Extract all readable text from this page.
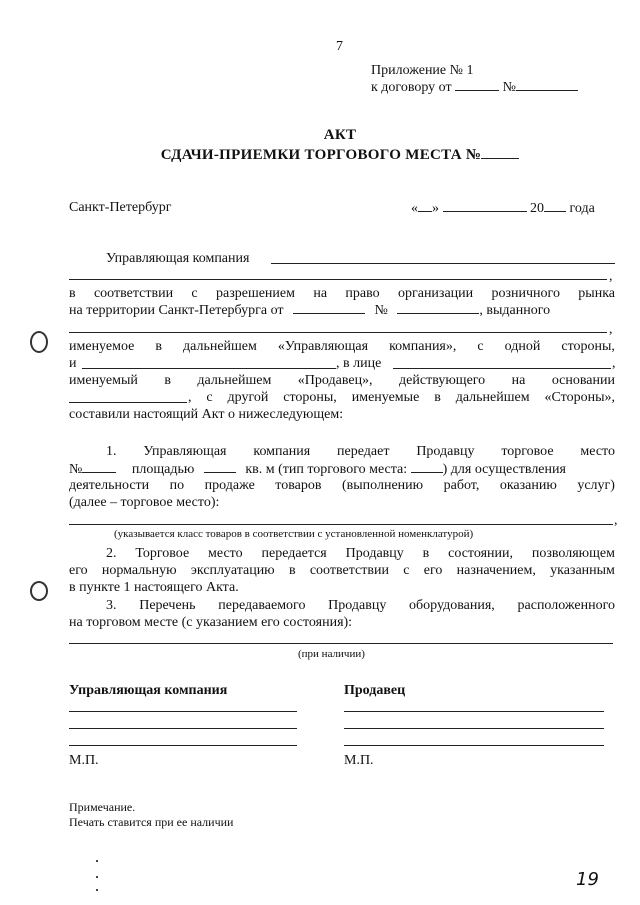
7
Приложение № 1
к договору от	№
АКТ
СДАЧИ-ПРИЕМКИ ТОРГОВОГО МЕСТА №
Санкт-Петербург	« »	20 года
Управляющая компания
,
в соответствии с разрешением на право организации розничного рынка
на территории Санкт-Петербурга от	№	, выданного
,
именуемое в дальнейшем «Управляющая компания», с одной стороны,
и	, в лице	,
именуемый в дальнейшем «Продавец», действующего на основании
, с другой стороны, именуемые в дальнейшем «Стороны»,
составили настоящий Акт о нижеследующем:
1. Управляющая компания передает Продавцу торговое место
№	площадью	кв. м (тип торгового места:	) для осуществления
деятельности по продаже товаров (выполнению работ, оказанию услуг)
(далее – торговое место):
,
(указывается класс товаров в соответствии с установленной номенклатурой)
2. Торговое место передается Продавцу в состоянии, позволяющем
его нормальную эксплуатацию в соответствии с его назначением, указанным
в пункте 1 настоящего Акта.
3. Перечень передаваемого Продавцу оборудования, расположенного
на торговом месте (с указанием его состояния):
(при наличии)
Управляющая компания	Продавец
М.П.	М.П.
Примечание.
Печать ставится при ее наличии
19
